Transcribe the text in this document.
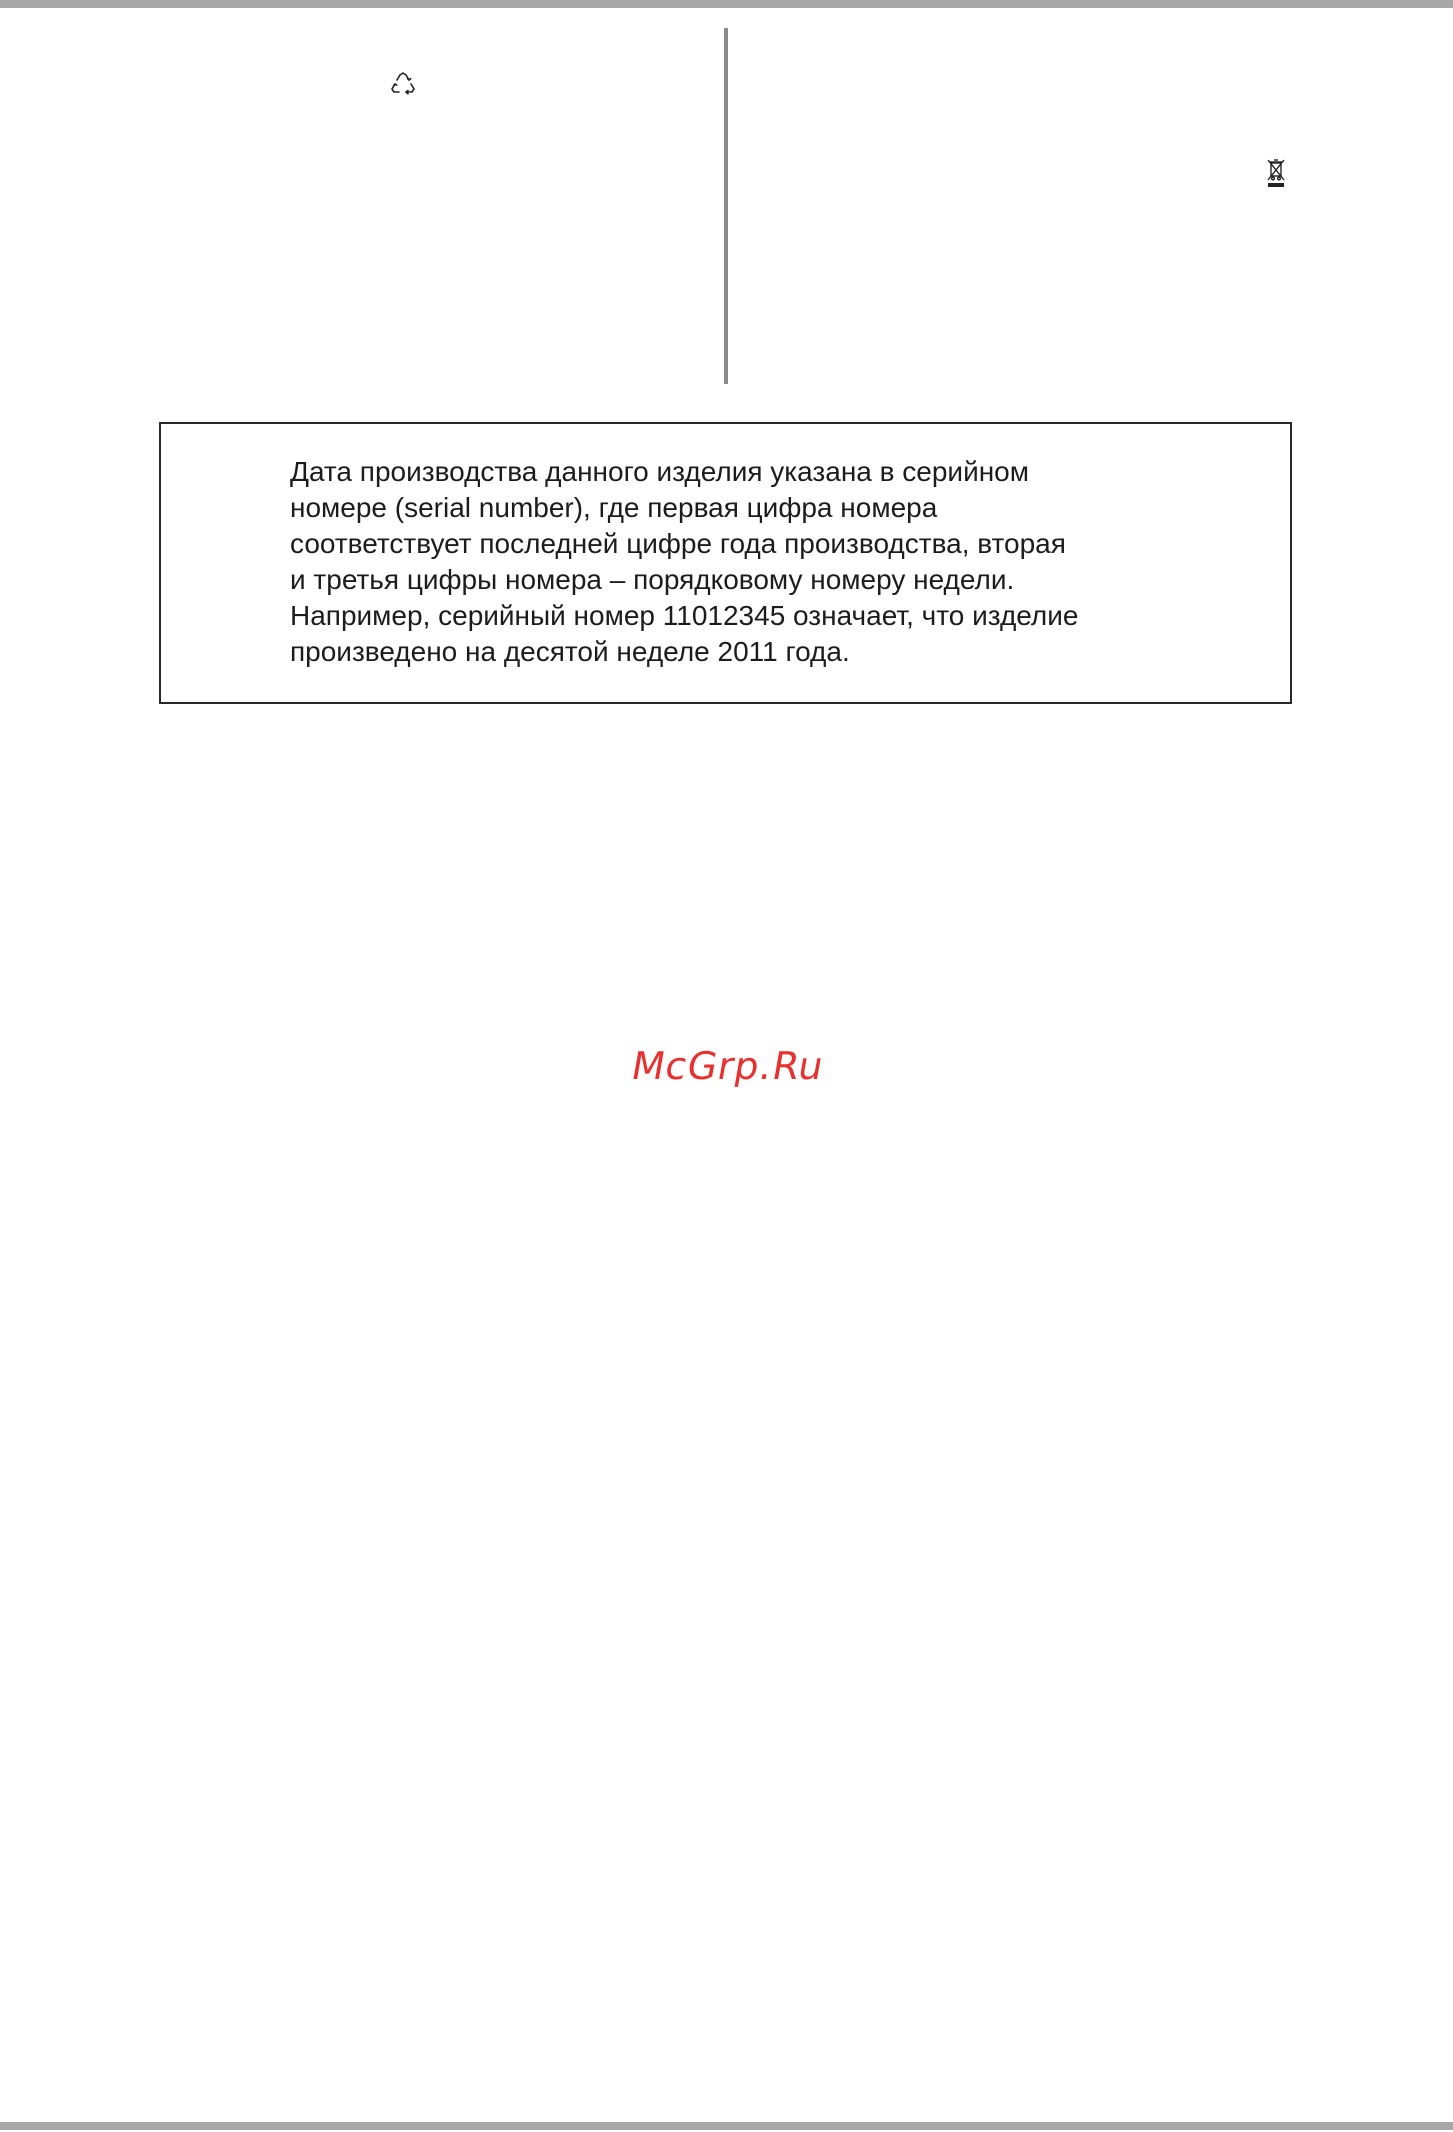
Дата производства данного изделия указана в серийном
номере (serial number), где первая цифра номера
соответствует последней цифре года производства, вторая
и третья цифры номера – порядковому номеру недели.
Например, серийный номер 11012345 означает, что изделие
произведено на десятой неделе 2011 года.

McGrp.Ru
